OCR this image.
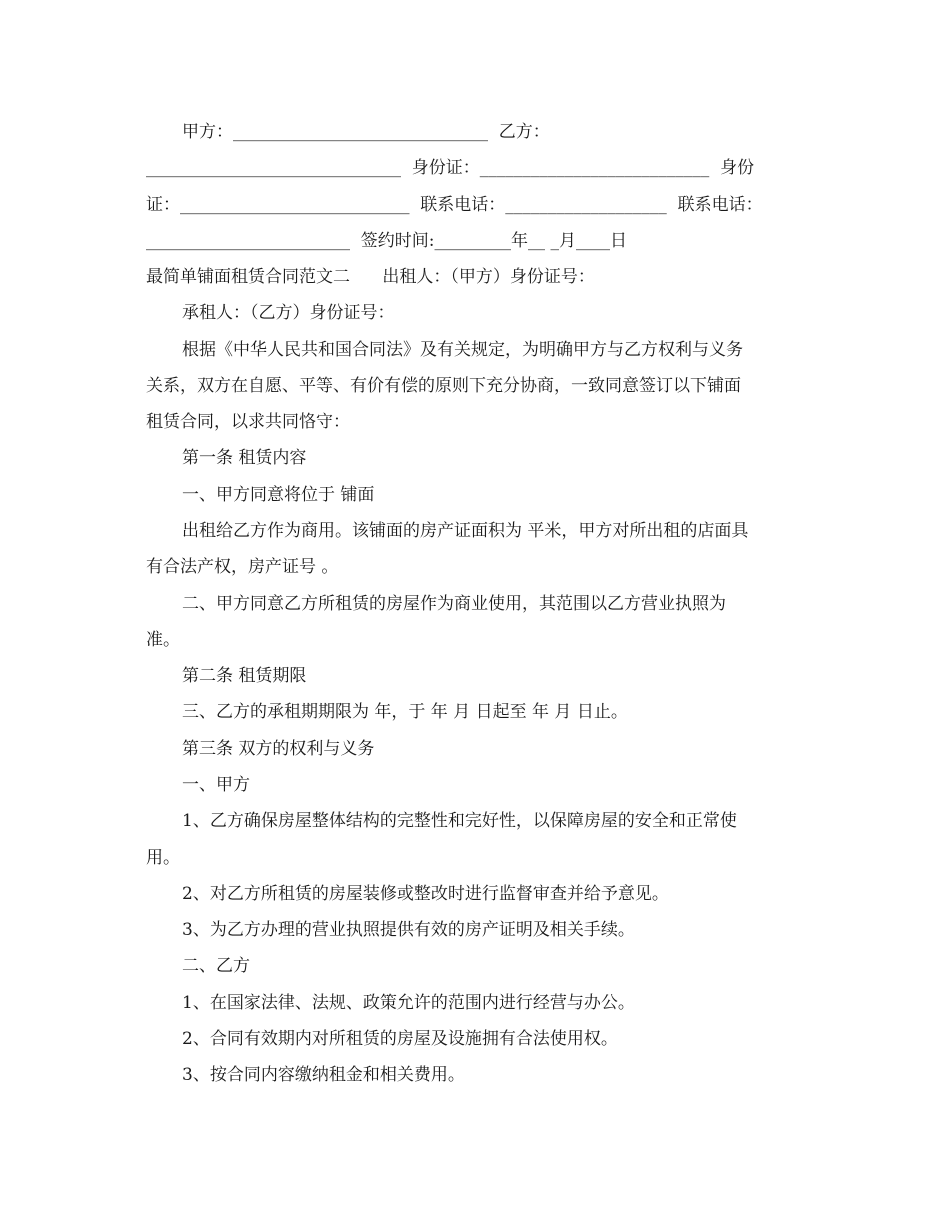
甲方：______________________________  乙方：
______________________________  身份证：___________________________  身份
证：___________________________  联系电话：___________________  联系电话：
________________________  签约时间:_________年__ _月____日
最简单铺面租赁合同范文二      出租人：（甲方）身份证号：
承租人：（乙方）身份证号：
根据《中华人民共和国合同法》及有关规定，为明确甲方与乙方权利与义务
关系，双方在自愿、平等、有价有偿的原则下充分协商，一致同意签订以下铺面
租赁合同，以求共同恪守：
第一条 租赁内容
一、甲方同意将位于 铺面
出租给乙方作为商用。该铺面的房产证面积为 平米，甲方对所出租的店面具
有合法产权，房产证号 。
二、甲方同意乙方所租赁的房屋作为商业使用，其范围以乙方营业执照为
准。
第二条 租赁期限
三、乙方的承租期期限为 年，于 年 月 日起至 年 月 日止。
第三条 双方的权利与义务
一、甲方
1、乙方确保房屋整体结构的完整性和完好性，以保障房屋的安全和正常使
用。
2、对乙方所租赁的房屋装修或整改时进行监督审查并给予意见。
3、为乙方办理的营业执照提供有效的房产证明及相关手续。
二、乙方
1、在国家法律、法规、政策允许的范围内进行经营与办公。
2、合同有效期内对所租赁的房屋及设施拥有合法使用权。
3、按合同内容缴纳租金和相关费用。
